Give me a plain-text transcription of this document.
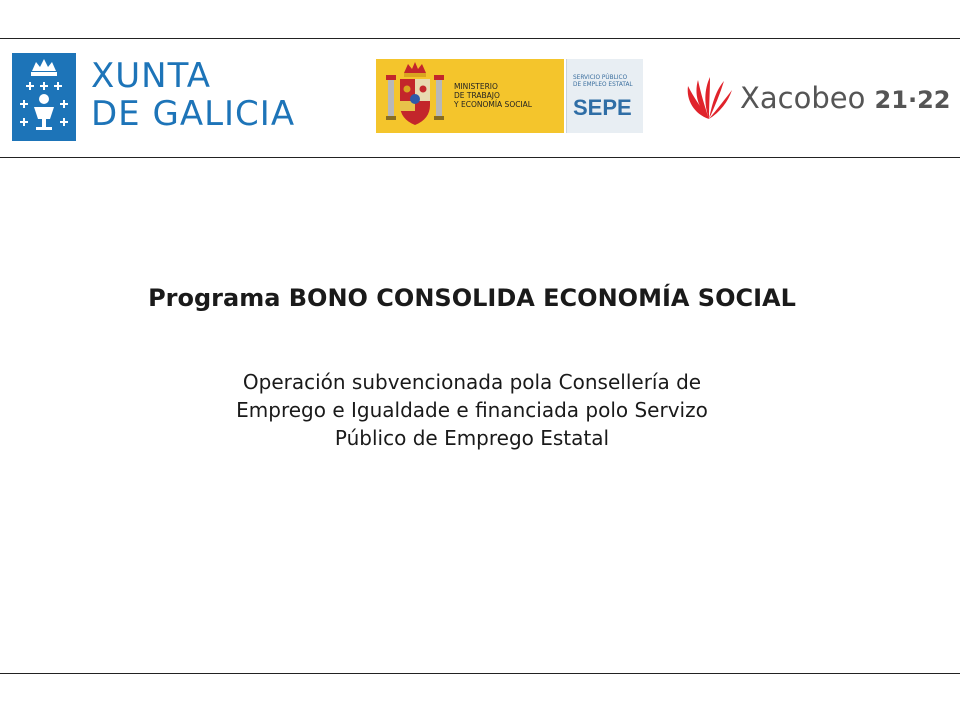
XUNTA
DE GALICIA
MINISTERIO
DE TRABAJO
Y ECONOMÍA SOCIAL
SERVICIO PÚBLICO
DE EMPLEO ESTATAL
SEPE	Xacobeo 21·22
Programa BONO CONSOLIDA ECONOMÍA SOCIAL
Operación subvencionada pola Consellería de
Emprego e Igualdade e financiada polo Servizo
Público de Emprego Estatal
